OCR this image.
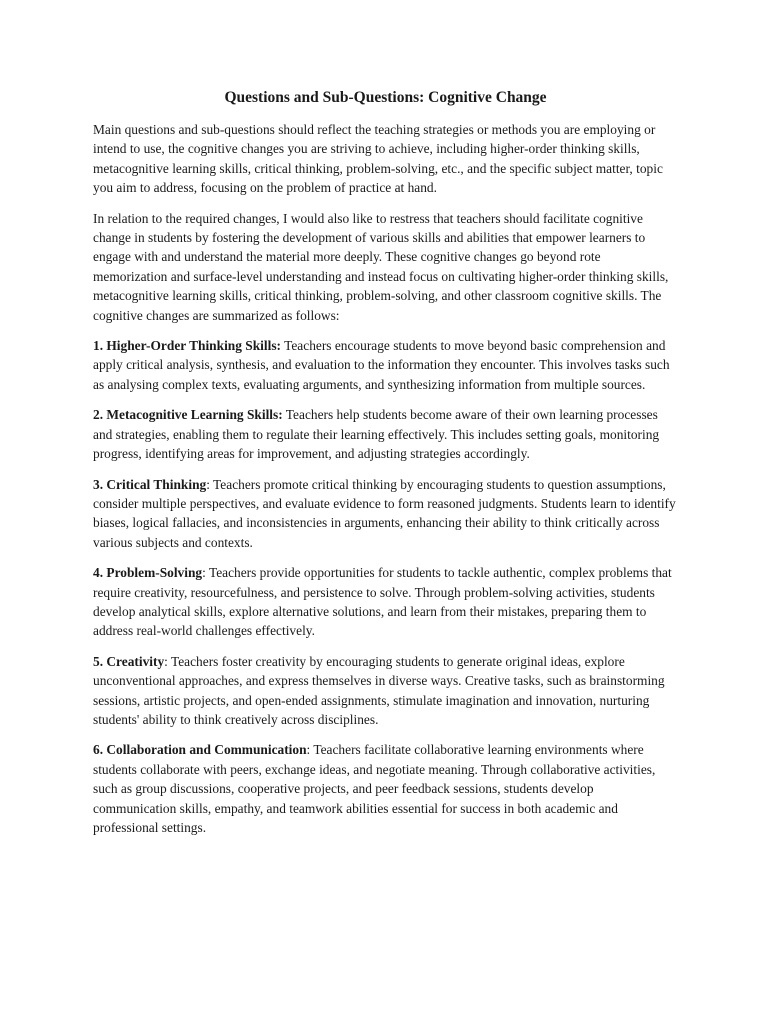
Questions and Sub-Questions: Cognitive Change

Main questions and sub-questions should reflect the teaching strategies or methods you are employing or intend to use, the cognitive changes you are striving to achieve, including higher-order thinking skills, metacognitive learning skills, critical thinking, problem-solving, etc., and the specific subject matter, topic you aim to address, focusing on the problem of practice at hand.

In relation to the required changes, I would also like to restress that teachers should facilitate cognitive change in students by fostering the development of various skills and abilities that empower learners to engage with and understand the material more deeply. These cognitive changes go beyond rote memorization and surface-level understanding and instead focus on cultivating higher-order thinking skills, metacognitive learning skills, critical thinking, problem-solving, and other classroom cognitive skills. The cognitive changes are summarized as follows:

1. Higher-Order Thinking Skills: Teachers encourage students to move beyond basic comprehension and apply critical analysis, synthesis, and evaluation to the information they encounter. This involves tasks such as analysing complex texts, evaluating arguments, and synthesizing information from multiple sources.

2. Metacognitive Learning Skills: Teachers help students become aware of their own learning processes and strategies, enabling them to regulate their learning effectively. This includes setting goals, monitoring progress, identifying areas for improvement, and adjusting strategies accordingly.

3. Critical Thinking: Teachers promote critical thinking by encouraging students to question assumptions, consider multiple perspectives, and evaluate evidence to form reasoned judgments. Students learn to identify biases, logical fallacies, and inconsistencies in arguments, enhancing their ability to think critically across various subjects and contexts.

4. Problem-Solving: Teachers provide opportunities for students to tackle authentic, complex problems that require creativity, resourcefulness, and persistence to solve. Through problem-solving activities, students develop analytical skills, explore alternative solutions, and learn from their mistakes, preparing them to address real-world challenges effectively.

5. Creativity: Teachers foster creativity by encouraging students to generate original ideas, explore unconventional approaches, and express themselves in diverse ways. Creative tasks, such as brainstorming sessions, artistic projects, and open-ended assignments, stimulate imagination and innovation, nurturing students' ability to think creatively across disciplines.

6. Collaboration and Communication: Teachers facilitate collaborative learning environments where students collaborate with peers, exchange ideas, and negotiate meaning. Through collaborative activities, such as group discussions, cooperative projects, and peer feedback sessions, students develop communication skills, empathy, and teamwork abilities essential for success in both academic and professional settings.
